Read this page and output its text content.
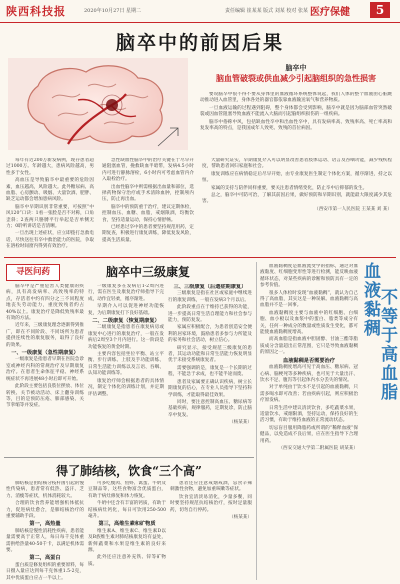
陕西科技报	2020年10月27日 星期二	责任编辑 崔某某 版式 刘某 校对 张某 医疗保健	5
脑卒中的前因后果
脑卒中
脑血管破裂或供血减少引起脑组织的急性损害

要说脑卒中很不得不要从身体里的血液循环系统整体说起，我们人体的整个血液由心脏跳动推动进入血管里，身体各处的器官都依靠血液输送氧气和营养物质。

一旦血液运输的过程遇到阻碍，整个身体都会受到影响，脑卒中就是因为脑部血管突然破裂或因血管阻塞导致血液不能流入大脑而引起脑组织损伤的一组疾病。

脑卒中俗称中风，包括缺血性卒中和出血性卒中，具有发病率高、致残率高、死亡率高和复发率高的特点，是我国成年人致死、致残的首位病因。

每年有近200万新发病例，现存患者超过1000万。年龄越大，患病风险越高，男性多于女性。

高血压是导致脑卒中最重要的危险因素，血压越高，风险越大。此外糖尿病、高血脂、心房颤动、吸烟、大量饮酒、肥胖、缺乏运动都会增加患病风险。

脑卒中早期识别非常重要，可按照“中风120”口诀：1看一张脸是否不对称，口角歪斜；2查两只胳膊平行举起是否单侧无力；0聆听讲话是否清晰。

一旦出现上述症状，应立即拨打急救电话，尽快送往有卒中救治能力的医院，争取在溶栓时间窗内得到有效治疗。

急性缺血性脑卒中的治疗关键在于尽早开通阻塞血管，挽救缺血半暗带，发病4.5小时内可进行静脉溶栓，6小时内可考虑血管内介入取栓治疗。

出血性脑卒中则需根据出血量和部位，选择药物保守治疗或手术清除血肿，控制颅内压，防止再出血。

脑卒中的预防重于治疗，建议定期体检，控制血压、血糖、血脂，戒烟限酒，均衡饮食，坚持适量运动，保持心情舒畅。

已经患过卒中的患者要坚持规范用药，定期复查，积极进行康复训练，降低复发风险，提高生活质量。

大量研究证实，早期康复介入可以明显改善患者肢体运动、语言及吞咽功能，减少残疾程度，帮助患者回归家庭和社会。

康复训练应在病情稳定后尽早开始，由专业康复医生制定个体化方案，循序渐进，持之以恒。

家属的支持与陪伴同样重要，要关注患者情绪变化，防止卒中后抑郁的发生。

总之，脑卒中可防可治，了解其前因后果，做好预防和早期识别，就能最大限度减少其危害。

（西安市第一人民医院 王某某 刘 某）
寻医问药	脑卒中三级康复

脑卒中是严重危害人类健康的疾病，具有高发病率、高致残率的特点，存活者中约有四分之三不同程度地丧失劳动能力，重度致残者约占40%以上。康复治疗是降低致残率最有效的方法。

近年来，三级康复理念逐渐得到推广，即在不同阶段、不同场所为患者提供连续性的康复服务，取得了良好的效果。

一、一级康复（急性期康复）

一级康复是指患者早期在医院急诊室或神经内科的常规治疗及早期康复治疗。在患者生命体征平稳、神经系统症状不再进展48小时后即可开始。

此阶段主要包括良肢位摆放、体位转换、关节被动活动、床上翻身训练等，目的是预防压疮、肺部感染、关节挛缩等并发症。

一级康复多在发病后1-2周内进行，需在医生及康复治疗师指导下完成，动作宜轻柔，循序渐进。

早期介入可以促进神经功能恢复，为后期康复打下良好基础。

二、二级康复（恢复期康复）

二级康复是指患者在康复病房或康复中心进行的康复治疗，一般在发病后2周至3个月内进行。这一阶段是功能恢复的黄金时期。

主要内容包括坐位平衡、站立平衡、步行训练、上肢及手功能训练、日常生活能力训练以及言语、吞咽、认知功能训练等。

康复治疗师会根据患者的具体情况，制定个体化的训练计划，并定期评估调整。

三、三级康复（后遗症期康复）

三级康复是指在社区或家庭中继续进行的康复训练，一般在发病3个月以后。

此阶段重点在于维持已获得的功能，进一步提高日常生活自理能力和社会参与能力，预防复发。

家属应积极配合，为患者创造安全便利的居家环境，鼓励患者多参与力所能及的家务和社会活动，树立信心。

研究显示，接受规范三级康复的患者，其运动功能和日常生活能力恢复明显优于未接受系统康复者。

需要强调的是，康复是一个长期的过程，不能急于求成，也不能半途而废。

患者及家属要正确认识疾病，树立长期康复的信心，在专业人员指导下坚持科学训练，才能取得最佳效果。

同时，要注意控制高血压、糖尿病等基础疾病，规律服药，定期复诊，防止脑卒中复发。

（杨某某）
得了肺结核，饮食“三个高”

肺结核是由结核分枝杆菌引起的慢性传染病，患者常有低热、盗汗、乏力、消瘦等症状，机体消耗较大。

合理的饮食营养能增强机体抵抗力，促进病灶愈合，是肺结核治疗的重要辅助手段。

第一，高热量

肺结核是慢性消耗性疾病，患者能量需要高于正常人，每日每千克体重需供给热量40-50千卡，以满足机体需要。

第二，高蛋白

蛋白质是修复组织的重要原料，每日摄入量应达到每千克体重1.5-2克，其中优质蛋白应占一半以上。

可多吃瘦肉、鱼虾、禽蛋、牛奶及豆制品等，这些食物富含优质蛋白，有助于病灶修复和体力恢复。

牛奶中还含有丰富的钙质，有助于结核病灶钙化，每日可饮用250-500毫升。

第三，高维生素和矿物质

维生素A、维生素C、维生素D以及B族维生素对肺结核康复均有益处，新鲜蔬菜和水果是维生素的良好来源。

此外还应注意补充铁、锌等矿物质。

患者还应注意戒烟戒酒，忌食辛辣刺激性食物，避免加重咳嗽等症状。

饮食宜清淡易消化，少量多餐，同时要坚持规范抗结核治疗，按时足量服药，切勿自行停药。

（杨某某）

血液黏稠度是血液流变学的指标，通过对血液黏度、红细胞变形性等进行检测，能反映血液循环状态，对某些疾病的诊断和预防具有一定的参考价值。

很多人体检时发现“血液黏稠”，就认为自己得了高血脂，其实这是一种误解。血液黏稠与高血脂并不是一回事。

血液黏稠度主要与血液中的红细胞、白细胞、血小板以及血浆中的蛋白、脂类等成分有关，任何一种成分的数量或性质发生变化，都可能使血液黏稠度增高。

而高血脂是指血液中胆固醇、甘油三酯等脂质成分含量超出正常范围，它只是导致血液黏稠的原因之一。

血液黏稠是否需要治疗

血液黏稠度增高可见于高血压、糖尿病、冠心病、脑梗死等多种疾病，也可见于大量出汗、饮水不足、腹泻等引起体内水分丢失的情况。

对于单纯由于饮水不足引起的血液黏稠，只需多喝水即可改善；若由疾病引起，则应积极治疗原发病。

日常生活中建议清淡饮食，多吃蔬菜水果，适量饮水，戒烟限酒，坚持运动，保持良好的生活习惯，有助于维持血液的正常流动状态。

切忌盲目服用降脂药或所谓的“稀释血液”保健品，以免造成不良后果，应在医生指导下合理用药。

（西安交通大学第二附属医院 胡某某）
血液黏稠
不等于高血脂
